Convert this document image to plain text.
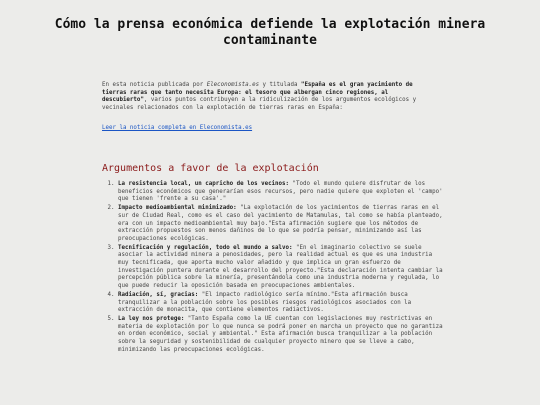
Cómo la prensa económica defiende la explotación minera contaminante
En esta noticia publicada por Eleconomista.es y titulada "España es el gran yacimiento de tierras raras que tanto necesita Europa: el tesoro que albergan cinco regiones, al descubierto", varios puntos contribuyen a la ridiculización de los argumentos ecológicos y vecinales relacionados con la explotación de tierras raras en España:
Leer la noticia completa en Eleconomista.es
Argumentos a favor de la explotación
1. La resistencia local, un capricho de los vecinos: "Todo el mundo quiere disfrutar de los beneficios económicos que generarían esos recursos, pero nadie quiere que exploten el 'campo' que tienen 'frente a su casa'."
2. Impacto medioambiental minimizado: "La explotación de los yacimientos de tierras raras en el sur de Ciudad Real, como es el caso del yacimiento de Matamulas, tal como se había planteado, era con un impacto medioambiental muy bajo."Esta afirmación sugiere que los métodos de extracción propuestos son menos dañinos de lo que se podría pensar, minimizando así las preocupaciones ecológicas.
3. Tecnificación y regulación, todo el mundo a salvo: "En el imaginario colectivo se suele asociar la actividad minera a penosidades, pero la realidad actual es que es una industria muy tecnificada, que aporta mucho valor añadido y que implica un gran esfuerzo de investigación puntera durante el desarrollo del proyecto."Esta declaración intenta cambiar la percepción pública sobre la minería, presentándola como una industria moderna y regulada, lo que puede reducir la oposición basada en preocupaciones ambientales.
4. Radiación, sí, gracias: "El impacto radiológico sería mínimo."Esta afirmación busca tranquilizar a la población sobre los posibles riesgos radiológicos asociados con la extracción de monacita, que contiene elementos radiactivos.
5. La ley nos protege: "Tanto España como la UE cuentan con legislaciones muy restrictivas en materia de explotación por lo que nunca se podrá poner en marcha un proyecto que no garantiza en orden económico, social y ambiental." Esta afirmación busca tranquilizar a la población sobre la seguridad y sostenibilidad de cualquier proyecto minero que se lleve a cabo, minimizando las preocupaciones ecológicas.
